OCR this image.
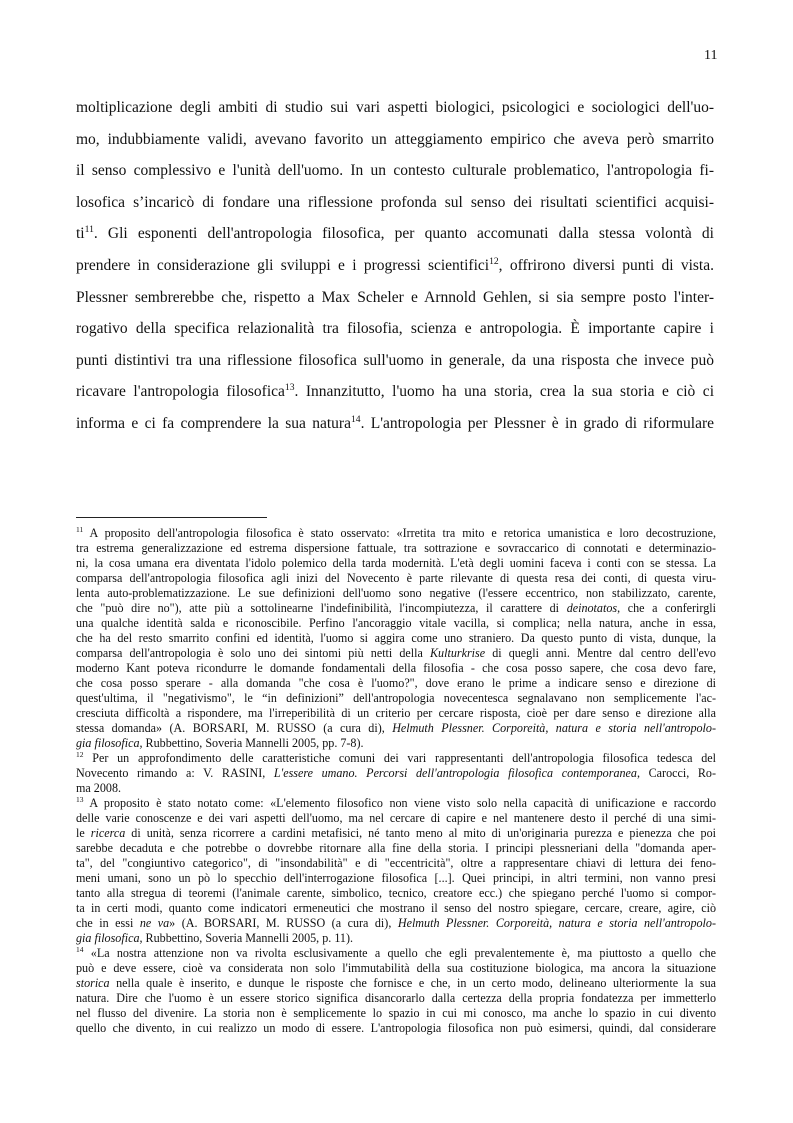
11
moltiplicazione degli ambiti di studio sui vari aspetti biologici, psicologici e sociologici dell'uo-
mo, indubbiamente validi, avevano favorito un atteggiamento empirico che aveva però smarrito
il senso complessivo e l'unità dell'uomo. In un contesto culturale problematico, l'antropologia fi-
losofica s’incaricò di fondare una riflessione profonda sul senso dei risultati scientifici acquisi-
$ti^{11}$. Gli esponenti dell'antropologia filosofica, per quanto accomunati dalla stessa volontà di
prendere in considerazione gli sviluppi e i progressi scientifici$^{12}$, offrirono diversi punti di vista.
Plessner sembrerebbe che, rispetto a Max Scheler e Arnnold Gehlen, si sia sempre posto l'inter-
rogativo della specifica relazionalità tra filosofia, scienza e antropologia. È importante capire i
punti distintivi tra una riflessione filosofica sull'uomo in generale, da una risposta che invece può
ricavare l'antropologia filosofica$^{13}$. Innanzitutto, l'uomo ha una storia, crea la sua storia e ciò ci
informa e ci fa comprendere la sua natura$^{14}$. L'antropologia per Plessner è in grado di riformulare
$^{11}$ A proposito dell'antropologia filosofica è stato osservato: «Irretita tra mito e retorica umanistica e loro decostruzione,
tra estrema generalizzazione ed estrema dispersione fattuale, tra sottrazione e sovraccarico di connotati e determinazio-
ni, la cosa umana era diventata l'idolo polemico della tarda modernità. L'età degli uomini faceva i conti con se stessa. La
comparsa dell'antropologia filosofica agli inizi del Novecento è parte rilevante di questa resa dei conti, di questa viru-
lenta auto-problematizzazione. Le sue definizioni dell'uomo sono negative (l'essere eccentrico, non stabilizzato, carente,
che "può dire no"), atte più a sottolinearne l'indefinibilità, l'incompiutezza, il carattere di deinotatos, che a conferirgli
una qualche identità salda e riconoscibile. Perfino l'ancoraggio vitale vacilla, si complica; nella natura, anche in essa,
che ha del resto smarrito confini ed identità, l'uomo si aggira come uno straniero. Da questo punto di vista, dunque, la
comparsa dell'antropologia è solo uno dei sintomi più netti della Kulturkrise di quegli anni. Mentre dal centro dell'evo
moderno Kant poteva ricondurre le domande fondamentali della filosofia - che cosa posso sapere, che cosa devo fare,
che cosa posso sperare - alla domanda "che cosa è l'uomo?", dove erano le prime a indicare senso e direzione di
quest'ultima, il "negativismo", le “in definizioni” dell'antropologia novecentesca segnalavano non semplicemente l'ac-
cresciuta difficoltà a rispondere, ma l'irreperibilità di un criterio per cercare risposta, cioè per dare senso e direzione alla
stessa domanda» (A. BORSARI, M. RUSSO (a cura di), Helmuth Plessner. Corporeità, natura e storia nell'antropolo-
gia filosofica, Rubbettino, Soveria Mannelli 2005, pp. 7-8).
$^{12}$ Per un approfondimento delle caratteristiche comuni dei vari rappresentanti dell'antropologia filosofica tedesca del
Novecento rimando a: V. RASINI, L'essere umano. Percorsi dell'antropologia filosofica contemporanea, Carocci, Ro-
ma 2008.
$^{13}$ A proposito è stato notato come: «L'elemento filosofico non viene visto solo nella capacità di unificazione e raccordo
delle varie conoscenze e dei vari aspetti dell'uomo, ma nel cercare di capire e nel mantenere desto il perché di una simi-
le ricerca di unità, senza ricorrere a cardini metafisici, né tanto meno al mito di un'originaria purezza e pienezza che poi
sarebbe decaduta e che potrebbe o dovrebbe ritornare alla fine della storia. I principi plessneriani della "domanda aper-
ta", del "congiuntivo categorico", di "insondabilità" e di "eccentricità", oltre a rappresentare chiavi di lettura dei feno-
meni umani, sono un pò lo specchio dell'interrogazione filosofica [...]. Quei principi, in altri termini, non vanno presi
tanto alla stregua di teoremi (l'animale carente, simbolico, tecnico, creatore ecc.) che spiegano perché l'uomo si compor-
ta in certi modi, quanto come indicatori ermeneutici che mostrano il senso del nostro spiegare, cercare, creare, agire, ciò
che in essi ne va» (A. BORSARI, M. RUSSO (a cura di), Helmuth Plessner. Corporeità, natura e storia nell'antropolo-
gia filosofica, Rubbettino, Soveria Mannelli 2005, p. 11).
$^{14}$ «La nostra attenzione non va rivolta esclusivamente a quello che egli prevalentemente è, ma piuttosto a quello che
può e deve essere, cioè va considerata non solo l'immutabilità della sua costituzione biologica, ma ancora la situazione
storica nella quale è inserito, e dunque le risposte che fornisce e che, in un certo modo, delineano ulteriormente la sua
natura. Dire che l'uomo è un essere storico significa disancorarlo dalla certezza della propria fondatezza per immetterlo
nel flusso del divenire. La storia non è semplicemente lo spazio in cui mi conosco, ma anche lo spazio in cui divento
quello che divento, in cui realizzo un modo di essere. L'antropologia filosofica non può esimersi, quindi, dal considerare
